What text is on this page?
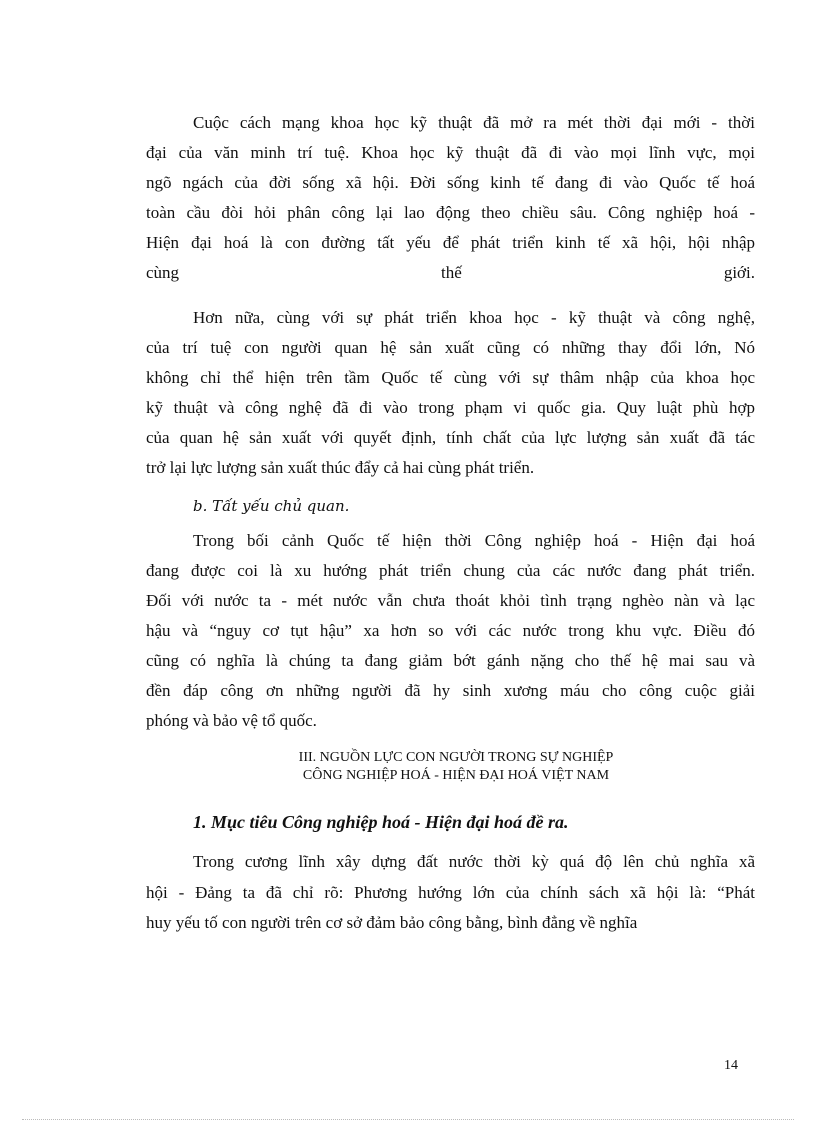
Cuộc cách mạng khoa học kỹ thuật đã mở ra mét thời đại mới - thời
đại của văn minh trí tuệ. Khoa học kỹ thuật đã đi vào mọi lĩnh vực, mọi
ngõ ngách của đời sống xã hội. Đời sống kinh tế đang đi vào Quốc tế hoá
toàn cầu đòi hỏi phân công lại lao động theo chiều sâu. Công nghiệp hoá -
Hiện đại hoá là con đường tất yếu để phát triển kinh tế xã hội, hội nhập
cùng thế giới.
Hơn nữa, cùng với sự phát triển khoa học - kỹ thuật và công nghệ,
của trí tuệ con người quan hệ sản xuất cũng có những thay đổi lớn, Nó
không chỉ thể hiện trên tầm Quốc tế cùng với sự thâm nhập của khoa học
kỹ thuật và công nghệ đã đi vào trong phạm vi quốc gia. Quy luật phù hợp
của quan hệ sản xuất với quyết định, tính chất của lực lượng sản xuất đã tác
trở lại lực lượng sản xuất thúc đẩy cả hai cùng phát triển.
b. Tất yếu chủ quan.
Trong bối cảnh Quốc tế hiện thời Công nghiệp hoá - Hiện đại hoá
đang được coi là xu hướng phát triển chung của các nước đang phát triển.
Đối với nước ta - mét nước vẫn chưa thoát khỏi tình trạng nghèo nàn và lạc
hậu và “nguy cơ tụt hậu” xa hơn so với các nước trong khu vực. Điều đó
cũng có nghĩa là chúng ta đang giảm bớt gánh nặng cho thế hệ mai sau và
đền đáp công ơn những người đã hy sinh xương máu cho công cuộc giải
phóng và bảo vệ tổ quốc.
III. NGUỒN LỰC CON NGƯỜI TRONG SỰ NGHIỆP
CÔNG NGHIỆP HOÁ - HIỆN ĐẠI HOÁ VIỆT NAM
1. Mục tiêu Công nghiệp hoá - Hiện đại hoá đề ra.
Trong cương lĩnh xây dựng đất nước thời kỳ quá độ lên chủ nghĩa xã
hội - Đảng ta đã chỉ rõ: Phương hướng lớn của chính sách xã hội là: “Phát
huy yếu tố con người trên cơ sở đảm bảo công bằng, bình đẳng về nghĩa
14
